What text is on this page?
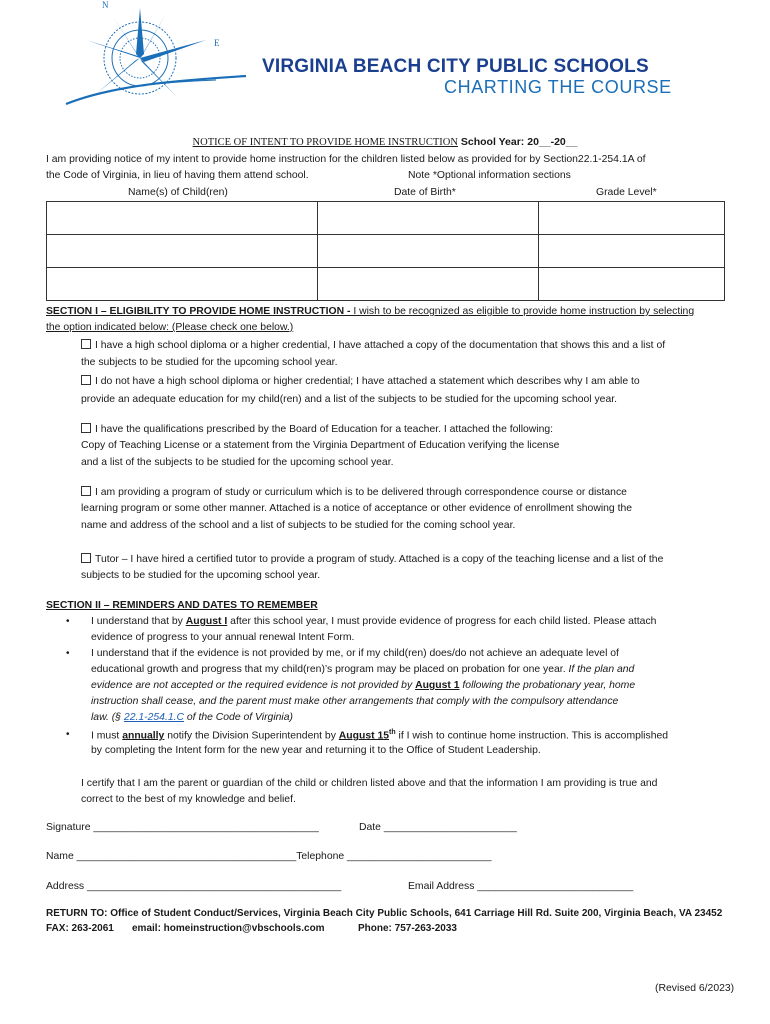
N
E
VIRGINIA BEACH CITY PUBLIC SCHOOLS
CHARTING THE COURSE
NOTICE OF INTENT TO PROVIDE HOME INSTRUCTION School Year: 20__-20__
I am providing notice of my intent to provide home instruction for the children listed below as provided for by Section22.1-254.1A of
the Code of Virginia, in lieu of having them attend school.	Note *Optional information sections
Name(s) of Child(ren)	Date of Birth*	Grade Level*

SECTION I – ELIGIBILITY TO PROVIDE HOME INSTRUCTION - I wish to be recognized as eligible to provide home instruction by selecting
the option indicated below: (Please check one below.)
I have a high school diploma or a higher credential, I have attached a copy of the documentation that shows this and a list of
the subjects to be studied for the upcoming school year.
I do not have a high school diploma or higher credential; I have attached a statement which describes why I am able to
provide an adequate education for my child(ren) and a list of the subjects to be studied for the upcoming school year.
I have the qualifications prescribed by the Board of Education for a teacher. I attached the following:
Copy of Teaching License or a statement from the Virginia Department of Education verifying the license
and a list of the subjects to be studied for the upcoming school year.
I am providing a program of study or curriculum which is to be delivered through correspondence course or distance
learning program or some other manner. Attached is a notice of acceptance or other evidence of enrollment showing the
name and address of the school and a list of subjects to be studied for the coming school year.
Tutor – I have hired a certified tutor to provide a program of study. Attached is a copy of the teaching license and a list of the
subjects to be studied for the upcoming school year.
SECTION II – REMINDERS AND DATES TO REMEMBER
• I understand that by August I after this school year, I must provide evidence of progress for each child listed. Please attach
evidence of progress to your annual renewal Intent Form.
• I understand that if the evidence is not provided by me, or if my child(ren) does/do not achieve an adequate level of
educational growth and progress that my child(ren)’s program may be placed on probation for one year. If the plan and
evidence are not accepted or the required evidence is not provided by August 1 following the probationary year, home
instruction shall cease, and the parent must make other arrangements that comply with the compulsory attendance
law. (§ 22.1-254.1.C of the Code of Virginia)
• I must annually notify the Division Superintendent by August 15th if I wish to continue home instruction. This is accomplished
by completing the Intent form for the new year and returning it to the Office of Student Leadership.
I certify that I am the parent or guardian of the child or children listed above and that the information I am providing is true and
correct to the best of my knowledge and belief.
Signature _______________________________________	Date _______________________
Name ______________________________________Telephone _________________________
Address ____________________________________________	Email Address ___________________________
RETURN TO: Office of Student Conduct/Services, Virginia Beach City Public Schools, 641 Carriage Hill Rd. Suite 200, Virginia Beach, VA 23452
FAX: 263-2061 email: homeinstruction@vbschools.com	Phone: 757-263-2033
(Revised 6/2023)
